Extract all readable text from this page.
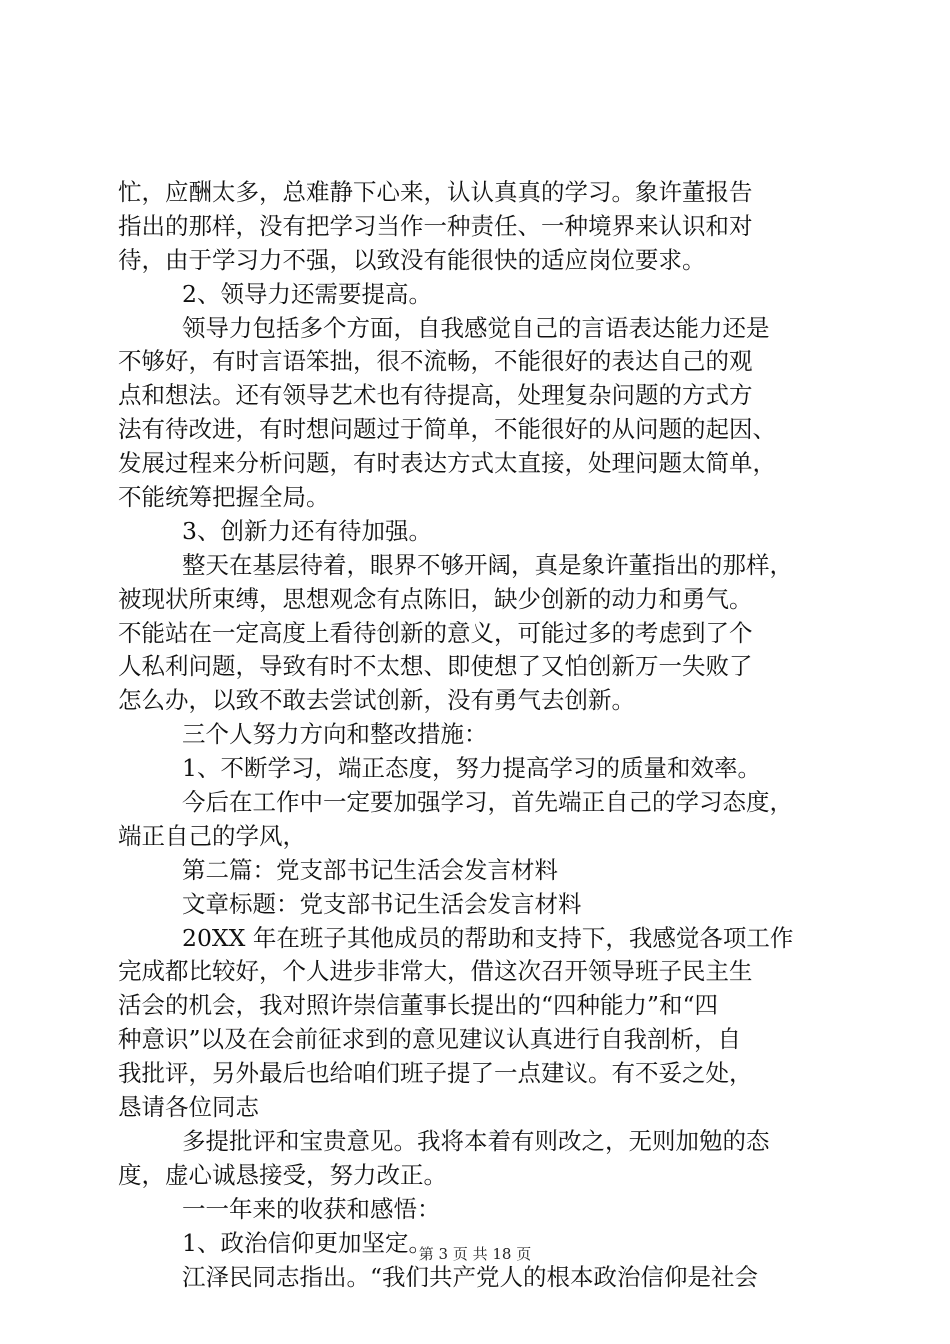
忙，应酬太多，总难静下心来，认认真真的学习。象许董报告
指出的那样，没有把学习当作一种责任、一种境界来认识和对
待，由于学习力不强，以致没有能很快的适应岗位要求。
2、领导力还需要提高。
领导力包括多个方面，自我感觉自己的言语表达能力还是
不够好，有时言语笨拙，很不流畅，不能很好的表达自己的观
点和想法。还有领导艺术也有待提高，处理复杂问题的方式方
法有待改进，有时想问题过于简单，不能很好的从问题的起因、
发展过程来分析问题，有时表达方式太直接，处理问题太简单，
不能统筹把握全局。
3、创新力还有待加强。
整天在基层待着，眼界不够开阔，真是象许董指出的那样，
被现状所束缚，思想观念有点陈旧，缺少创新的动力和勇气。
不能站在一定高度上看待创新的意义，可能过多的考虑到了个
人私利问题，导致有时不太想、即使想了又怕创新万一失败了
怎么办，以致不敢去尝试创新，没有勇气去创新。
三个人努力方向和整改措施：
1、不断学习，端正态度，努力提高学习的质量和效率。
今后在工作中一定要加强学习，首先端正自己的学习态度，
端正自己的学风，
第二篇：党支部书记生活会发言材料
文章标题：党支部书记生活会发言材料
20XX 年在班子其他成员的帮助和支持下，我感觉各项工作
完成都比较好，个人进步非常大，借这次召开领导班子民主生
活会的机会，我对照许崇信董事长提出的“四种能力”和“四
种意识”以及在会前征求到的意见建议认真进行自我剖析，自
我批评，另外最后也给咱们班子提了一点建议。有不妥之处，
恳请各位同志
多提批评和宝贵意见。我将本着有则改之，无则加勉的态
度，虚心诚恳接受，努力改正。
一一年来的收获和感悟：
1、政治信仰更加坚定。
江泽民同志指出。“我们共产党人的根本政治信仰是社会
第 3 页 共 18 页
